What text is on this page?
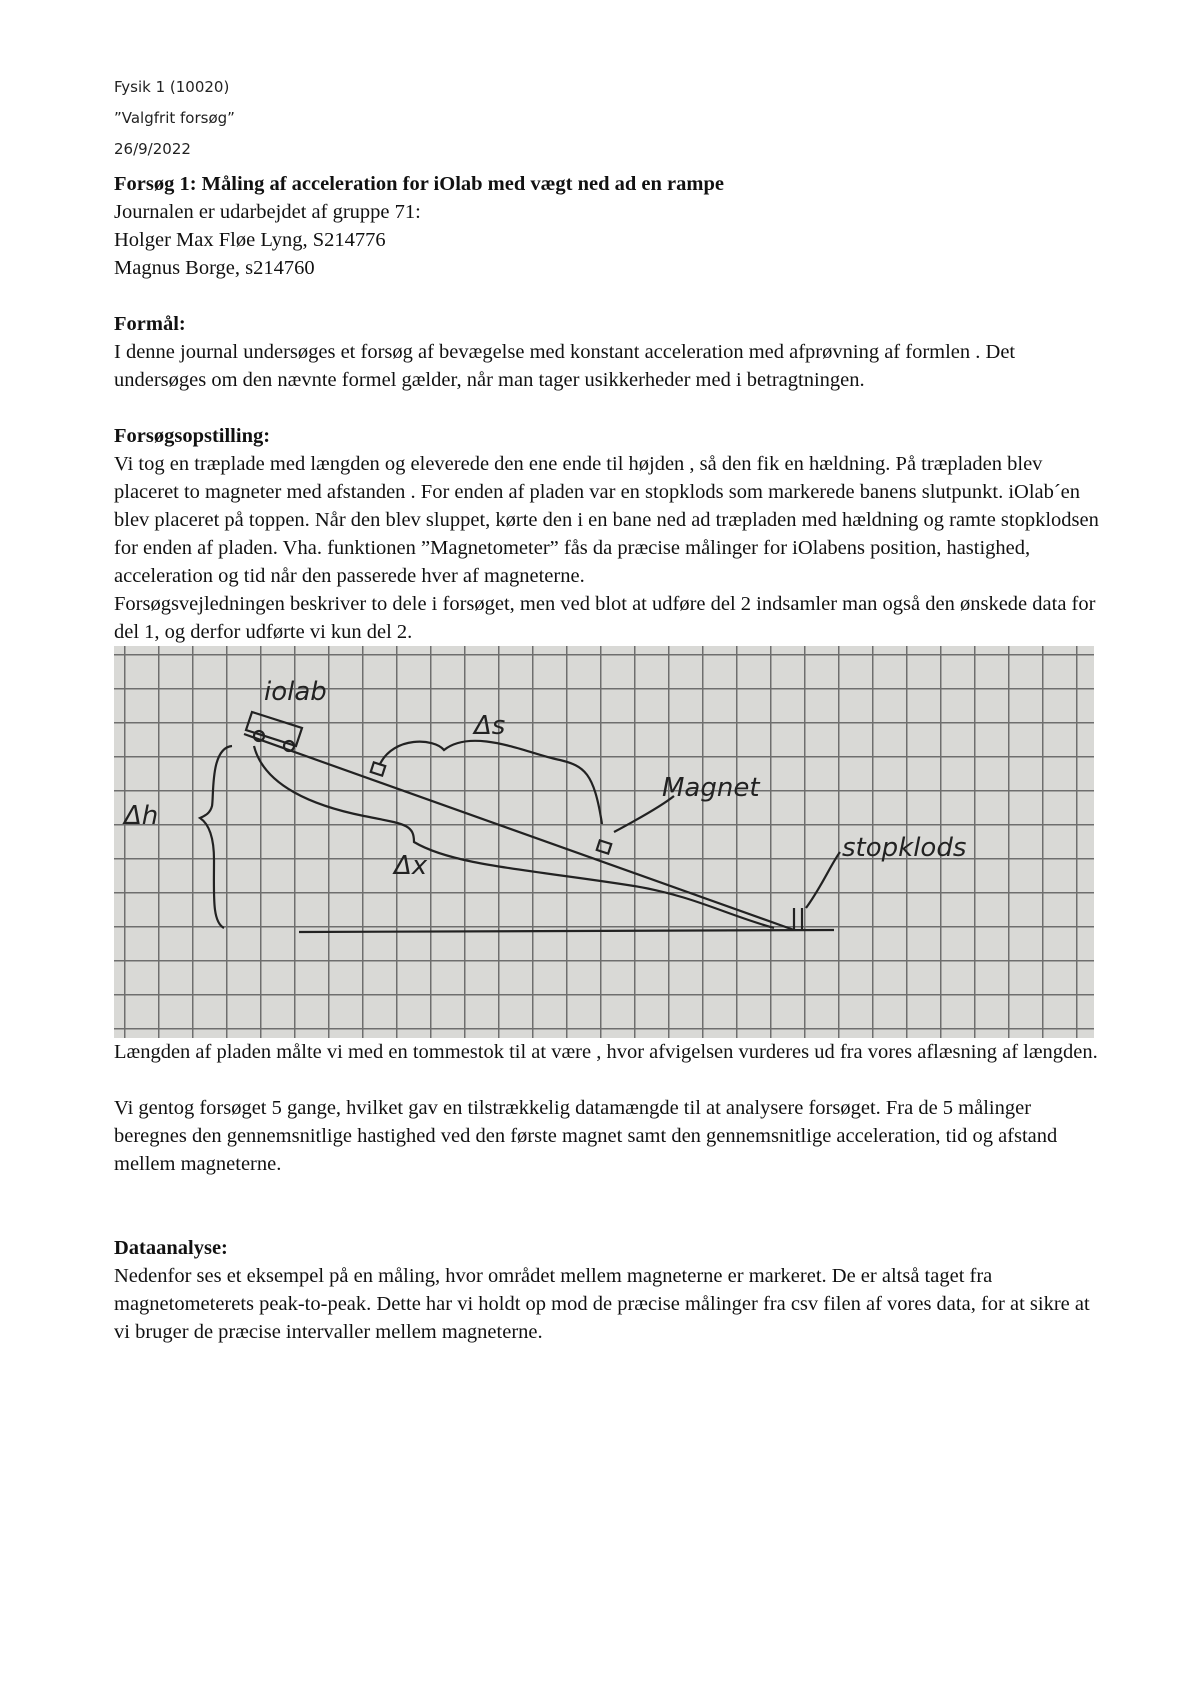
Fysik 1 (10020)
”Valgfrit forsøg”
26/9/2022

Forsøg 1: Måling af acceleration for iOlab med vægt ned ad en rampe

Journalen er udarbejdet af gruppe 71:

Holger Max Fløe Lyng, S214776

Magnus Borge, s214760

Formål:

I denne journal undersøges et forsøg af bevægelse med konstant acceleration med afprøvning af formlen . Det undersøges om den nævnte formel gælder, når man tager usikkerheder med i betragtningen.

Forsøgsopstilling:

Vi tog en træplade med længden og eleverede den ene ende til højden , så den fik en hældning. På træpladen blev placeret to magneter med afstanden . For enden af pladen var en stopklods som markerede banens slutpunkt. iOlab´en blev placeret på toppen. Når den blev sluppet, kørte den i en bane ned ad træpladen med hældning og ramte stopklodsen for enden af pladen. Vha. funktionen ”Magnetometer” fås da præcise målinger for iOlabens position, hastighed, acceleration og tid når den passerede hver af magneterne.

Forsøgsvejledningen beskriver to dele i forsøget, men ved blot at udføre del 2 indsamler man også den ønskede data for del 1, og derfor udførte vi kun del 2.

iolab
Δs
Δh
Δx
Magnet
stopklods

Længden af pladen målte vi med en tommestok til at være , hvor afvigelsen vurderes ud fra vores aflæsning af længden.

Vi gentog forsøget 5 gange, hvilket gav en tilstrækkelig datamængde til at analysere forsøget. Fra de 5 målinger beregnes den gennemsnitlige hastighed ved den første magnet samt den gennemsnitlige acceleration, tid og afstand mellem magneterne.

Dataanalyse:

Nedenfor ses et eksempel på en måling, hvor området mellem magneterne er markeret. De er altså taget fra magnetometerets peak-to-peak. Dette har vi holdt op mod de præcise målinger fra csv filen af vores data, for at sikre at vi bruger de præcise intervaller mellem magneterne.
